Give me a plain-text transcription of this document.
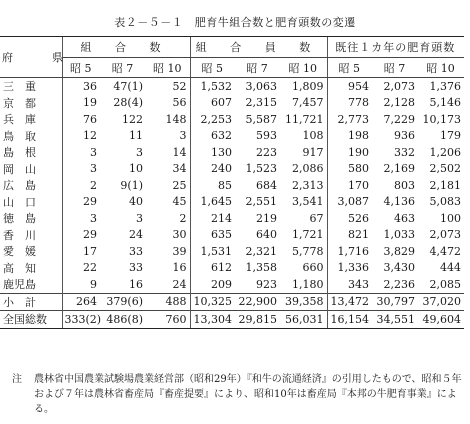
表２－５－１　肥育牛組合数と肥育頭数の変遷
府　県	組 合 数			組 合 員 数			既往１カ年の肥育頭数		
	昭 5	昭 7	昭 10	昭 5	昭 7	昭 10	昭 5	昭 7	昭 10

三 重	36	47(1)	52	1,532	3,063	1,809	954	2,073	1,376

京 都	19	28(4)	56	607	2,315	7,457	778	2,128	5,146

兵 庫	76	122	148	2,253	5,587	11,721	2,773	7,229	10,173

鳥 取	12	11	3	632	593	108	198	936	179

島 根	3	3	14	130	223	917	190	332	1,206

岡 山	3	10	34	240	1,523	2,086	580	2,169	2,502

広 島	2	9(1)	25	85	684	2,313	170	803	2,181

山 口	29	40	45	1,645	2,551	3,541	3,087	4,136	5,083

徳 島	3	3	2	214	219	67	526	463	100

香 川	29	24	30	635	640	1,721	821	1,033	2,073

愛 媛	17	33	39	1,531	2,321	5,778	1,716	3,829	4,472

高 知	22	33	16	612	1,358	660	1,336	3,430	444
鹿児島	9	16	24	209	923	1,180	343	2,236	2,085

小 計	264	379(6)	488	10,325	22,900	39,358	13,472	30,797	37,020
全国総数	333(2)	486(8)	760	13,304	29,815	56,031	16,154	34,551	49,604
注 農林省中国農業試験場農業経営部（昭和29年）『和牛の流通経済』の引用したもので、昭和５年および７年は農林省畜産局『畜産提要』により、昭和10年は畜産局『本邦の牛肥育事業』による。
